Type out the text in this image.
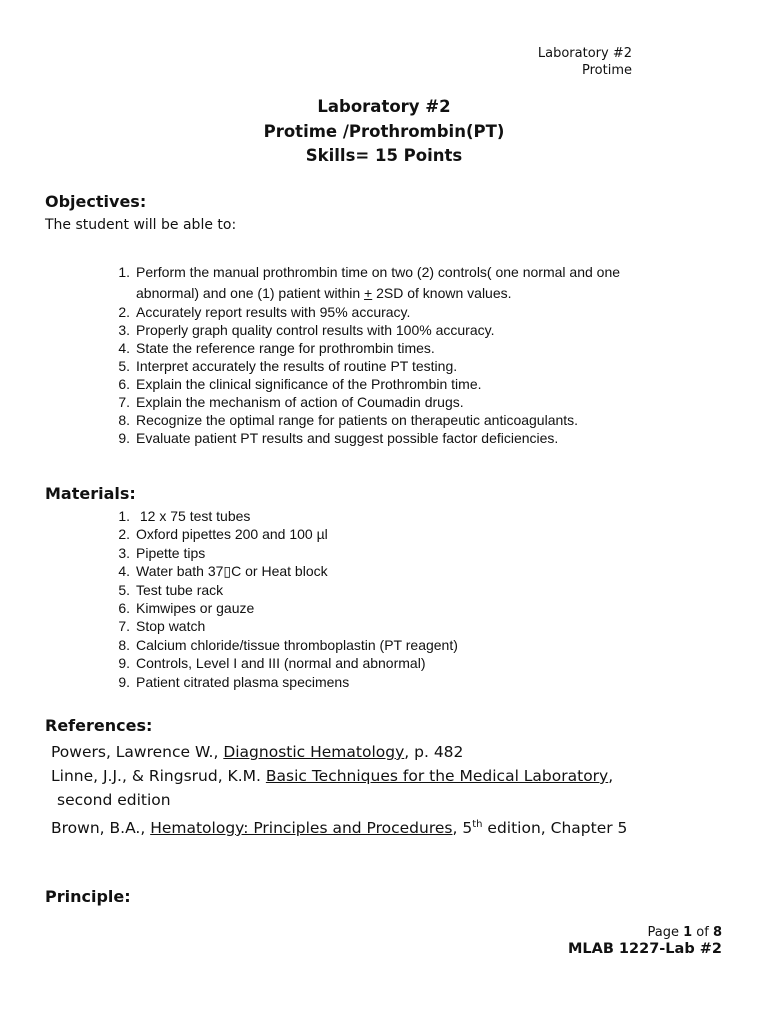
Laboratory #2
Protime
Laboratory #2
Protime /Prothrombin(PT)
Skills= 15 Points
Objectives:
The student will be able to:
1. Perform the manual prothrombin time on two (2) controls( one normal and one abnormal) and one (1) patient within + 2SD of known values.
2. Accurately report results with 95% accuracy.
3. Properly graph quality control results with 100% accuracy.
4. State the reference range for prothrombin times.
5. Interpret accurately the results of routine PT testing.
6. Explain the clinical significance of the Prothrombin time.
7. Explain the mechanism of action of Coumadin drugs.
8. Recognize the optimal range for patients on therapeutic anticoagulants.
9. Evaluate patient PT results and suggest possible factor deficiencies.
Materials:
1. 12 x 75 test tubes
2. Oxford pipettes 200 and 100 µl
3. Pipette tips
4. Water bath 37▯C or Heat block
5. Test tube rack
6. Kimwipes or gauze
7. Stop watch
8. Calcium chloride/tissue thromboplastin (PT reagent)
9. Controls, Level I and III (normal and abnormal)
9. Patient citrated plasma specimens
References:
Powers, Lawrence W., Diagnostic Hematology, p. 482
Linne, J.J., & Ringsrud, K.M. Basic Techniques for the Medical Laboratory,
second edition
Brown, B.A., Hematology: Principles and Procedures, 5th edition, Chapter 5
Principle:
Page 1 of 8
MLAB 1227-Lab #2
